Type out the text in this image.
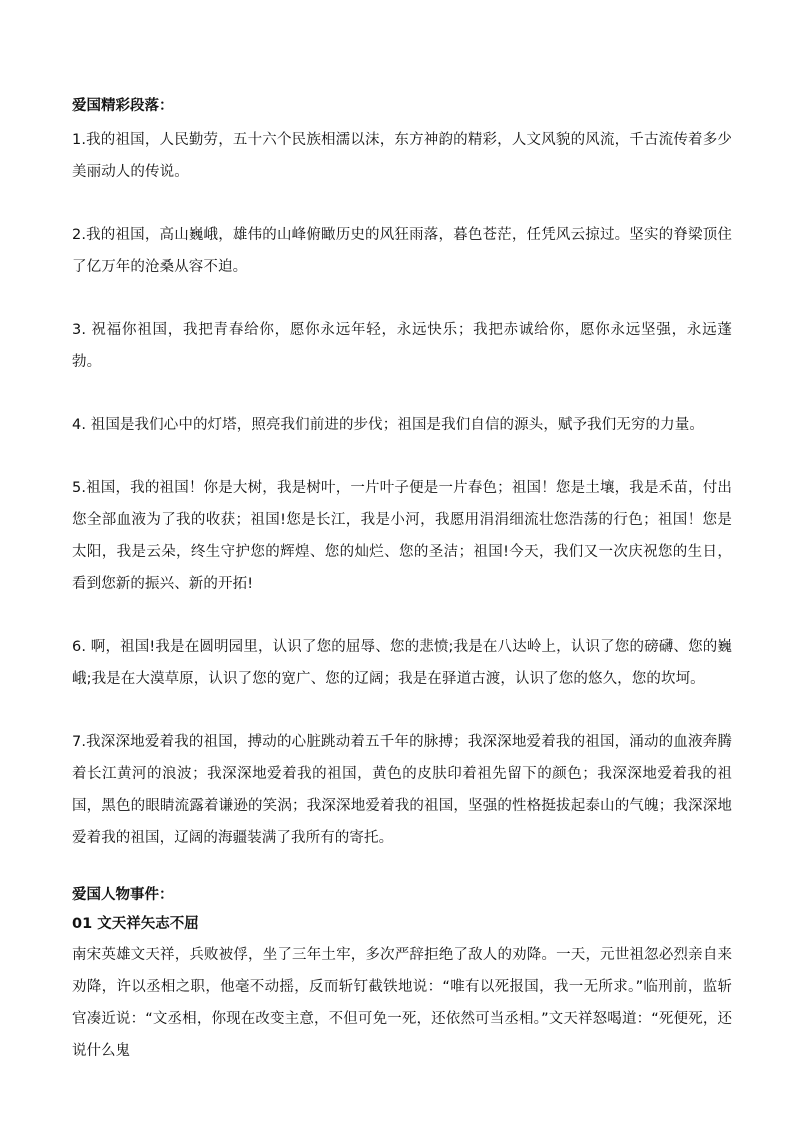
爱国精彩段落：

1.我的祖国，人民勤劳，五十六个民族相濡以沫，东方神韵的精彩，人文风貌的风流，千古流传着多少美丽动人的传说。

2.我的祖国，高山巍峨，雄伟的山峰俯瞰历史的风狂雨落，暮色苍茫，任凭风云掠过。坚实的脊梁顶住了亿万年的沧桑从容不迫。

3. 祝福你祖国，我把青春给你，愿你永远年轻，永远快乐；我把赤诚给你，愿你永远坚强，永远蓬勃。

4. 祖国是我们心中的灯塔，照亮我们前进的步伐；祖国是我们自信的源头，赋予我们无穷的力量。

5.祖国，我的祖国！你是大树，我是树叶，一片叶子便是一片春色；祖国！您是土壤，我是禾苗，付出您全部血液为了我的收获；祖国!您是长江，我是小河，我愿用涓涓细流壮您浩荡的行色；祖国！您是太阳，我是云朵，终生守护您的辉煌、您的灿烂、您的圣洁；祖国!今天，我们又一次庆祝您的生日，看到您新的振兴、新的开拓!

6. 啊，祖国!我是在圆明园里，认识了您的屈辱、您的悲愤;我是在八达岭上，认识了您的磅礴、您的巍峨;我是在大漠草原，认识了您的宽广、您的辽阔；我是在驿道古渡，认识了您的悠久，您的坎坷。

7.我深深地爱着我的祖国，搏动的心脏跳动着五千年的脉搏；我深深地爱着我的祖国，涌动的血液奔腾着长江黄河的浪波；我深深地爱着我的祖国，黄色的皮肤印着祖先留下的颜色；我深深地爱着我的祖国，黑色的眼睛流露着谦逊的笑涡；我深深地爱着我的祖国，坚强的性格挺拔起泰山的气魄；我深深地爱着我的祖国，辽阔的海疆装满了我所有的寄托。

爱国人物事件：
01 文天祥矢志不屈

南宋英雄文天祥，兵败被俘，坐了三年土牢，多次严辞拒绝了敌人的劝降。一天，元世祖忽必烈亲自来劝降，许以丞相之职，他毫不动摇，反而斩钉截铁地说：“唯有以死报国，我一无所求。”临刑前，监斩官凑近说：“文丞相，你现在改变主意，不但可免一死，还依然可当丞相。”文天祥怒喝道：“死便死，还说什么鬼
